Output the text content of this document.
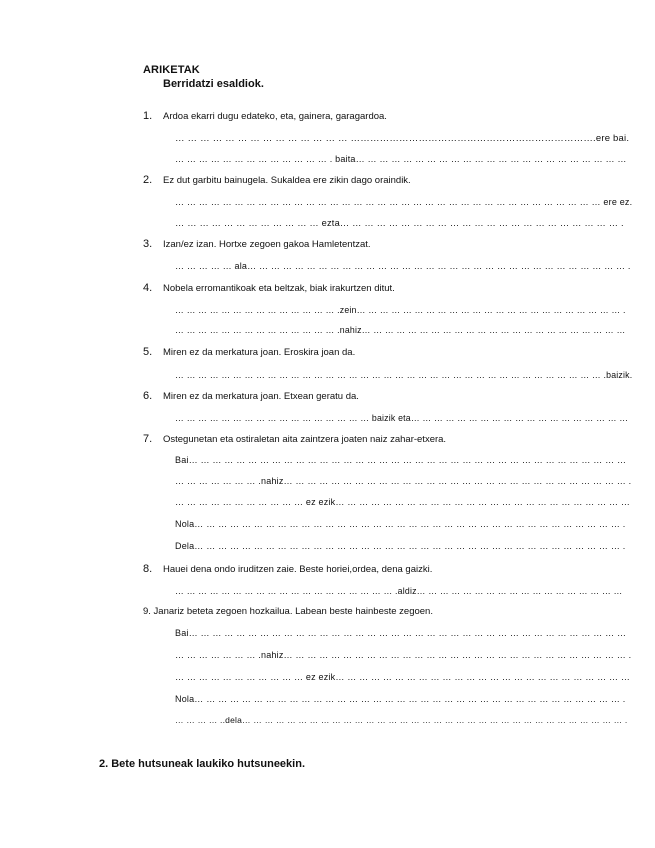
ARIKETAK
Berridatzi esaldiok.
1. Ardoa ekarri dugu edateko, eta, gainera, garagardoa.
… … … … … … … … … … … … … … ………………………………………………………………….ere bai.
… … … … … … … … … … … … … . baita… … … … … … … … … … … … … … … … … … … … … … …
2. Ez dut garbitu bainugela. Sukaldea ere zikin dago oraindik.
… … … … … … … … … … … … … … … … … … … … … … … … … … … … … … … … … … … … ere ez.
… … … … … … … … … … … … ezta… … … … … … … … … … … … … … … … … … … … … … … .
3. Izan/ez izan. Hortxe zegoen gakoa Hamletentzat.
… … … … … ala… … … … … … … … … … … … … … … … … … … … … … … … … … … … … … … … .
4. Nobela erromantikoak eta beltzak, biak irakurtzen ditut.
… … … … … … … … … … … … … … .zein… … … … … … … … … … … … … … … … … … … … … … … .
… … … … … … … … … … … … … … .nahiz… … … … … … … … … … … … … … … … … … … … … … …
5. Miren ez da merkatura joan. Eroskira joan da.
… … … … … … … … … … … … … … … … … … … … … … … … … … … … … … … … … … … … … .baizik.
6. Miren ez da merkatura joan. Etxean geratu da.
… … … … … … … … … … … … … … … … … baizik eta… … … … … … … … … … … … … … … … … … …
7. Ostegunetan eta ostiraletan aita zaintzera joaten naiz zahar-etxera.
Bai… … … … … … … … … … … … … … … … … … … … … … … … … … … … … … … … … … … … …
… … … … … … … .nahiz… … … … … … … … … … … … … … … … … … … … … … … … … … … … … .
… … … … … … … … … … … ez ezik… … … … … … … … … … … … … … … … … … … … … … … … …
Nola… … … … … … … … … … … … … … … … … … … … … … … … … … … … … … … … … … … … .
Dela… … … … … … … … … … … … … … … … … … … … … … … … … … … … … … … … … … … … .
8. Hauei dena ondo iruditzen zaie. Beste horiei,ordea, dena gaizki.
… … … … … … … … … … … … … … … … … … … .aldiz… … … … … … … … … … … … … … … … … …
9. Janariz beteta zegoen hozkailua. Labean beste hainbeste zegoen.
Bai… … … … … … … … … … … … … … … … … … … … … … … … … … … … … … … … … … … … …
… … … … … … … .nahiz… … … … … … … … … … … … … … … … … … … … … … … … … … … … … .
… … … … … … … … … … … ez ezik… … … … … … … … … … … … … … … … … … … … … … … … …
Nola… … … … … … … … … … … … … … … … … … … … … … … … … … … … … … … … … … … … .
… … … … ..dela… … … … … … … … … … … … … … … … … … … … … … … … … … … … … … … … … … .
2. Bete hutsuneak laukiko hutsuneekin.
